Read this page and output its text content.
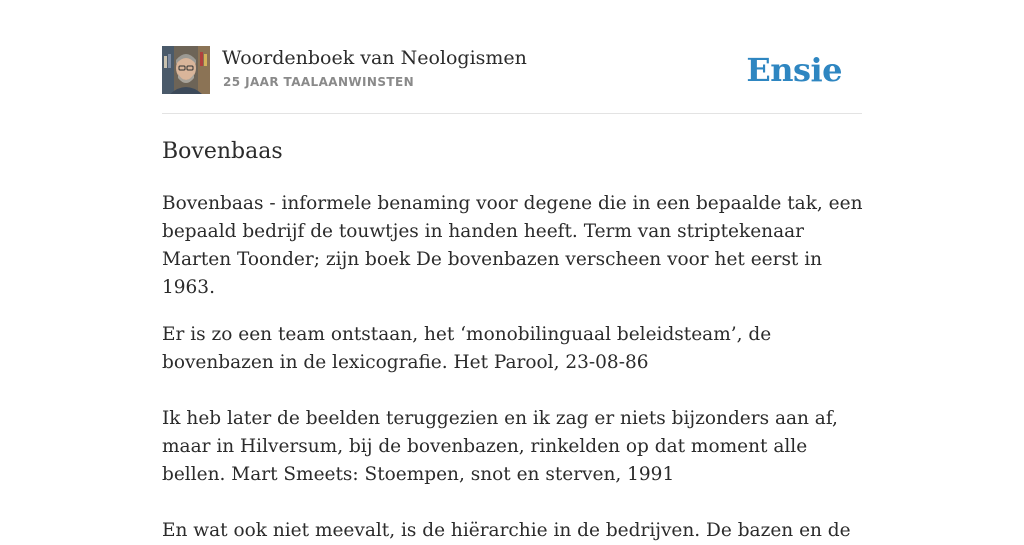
Woordenboek van Neologismen
25 JAAR TAALAANWINSTEN	Ensie
Bovenbaas

Bovenbaas - informele benaming voor degene die in een bepaalde tak, een bepaald bedrijf de touwtjes in handen heeft. Term van striptekenaar Marten Toonder; zijn boek De bovenbazen verscheen voor het eerst in 1963.

Er is zo een team ontstaan, het ‘monobilinguaal beleidsteam’, de bovenbazen in de lexicografie. Het Parool, 23-08-86

Ik heb later de beelden teruggezien en ik zag er niets bijzonders aan af, maar in Hilversum, bij de bovenbazen, rinkelden op dat moment alle bellen. Mart Smeets: Stoempen, snot en sterven, 1991

En wat ook niet meevalt, is de hiërarchie in de bedrijven. De bazen en de
